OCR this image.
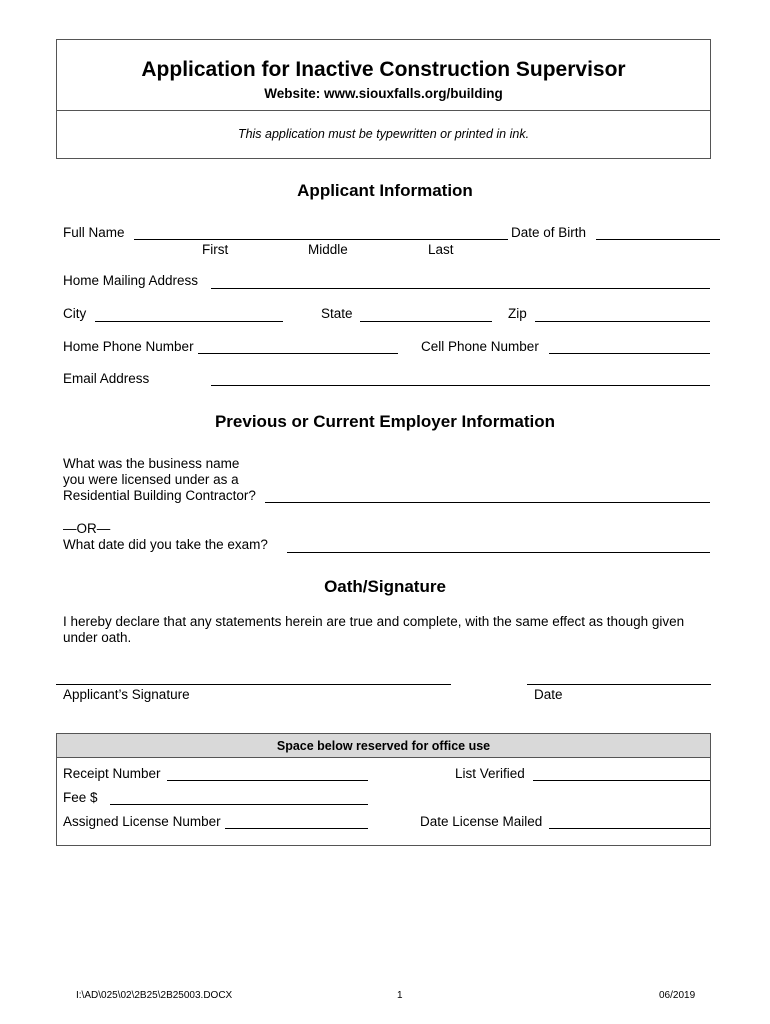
Application for Inactive Construction Supervisor
Website: www.siouxfalls.org/building
This application must be typewritten or printed in ink.
Applicant Information
Full Name	Date of Birth
First	Middle	Last
Home Mailing Address
City	State	Zip
Home Phone Number	Cell Phone Number
Email Address
Previous or Current Employer Information
What was the business name
you were licensed under as a
Residential Building Contractor?
—OR—
What date did you take the exam?
Oath/Signature
I hereby declare that any statements herein are true and complete, with the same effect as though given
under oath.
Applicant’s Signature	Date
Space below reserved for office use
Receipt Number	List Verified
Fee $
Assigned License Number	Date License Mailed
I:\AD\025\02\2B25\2B25003.DOCX	1	06/2019
